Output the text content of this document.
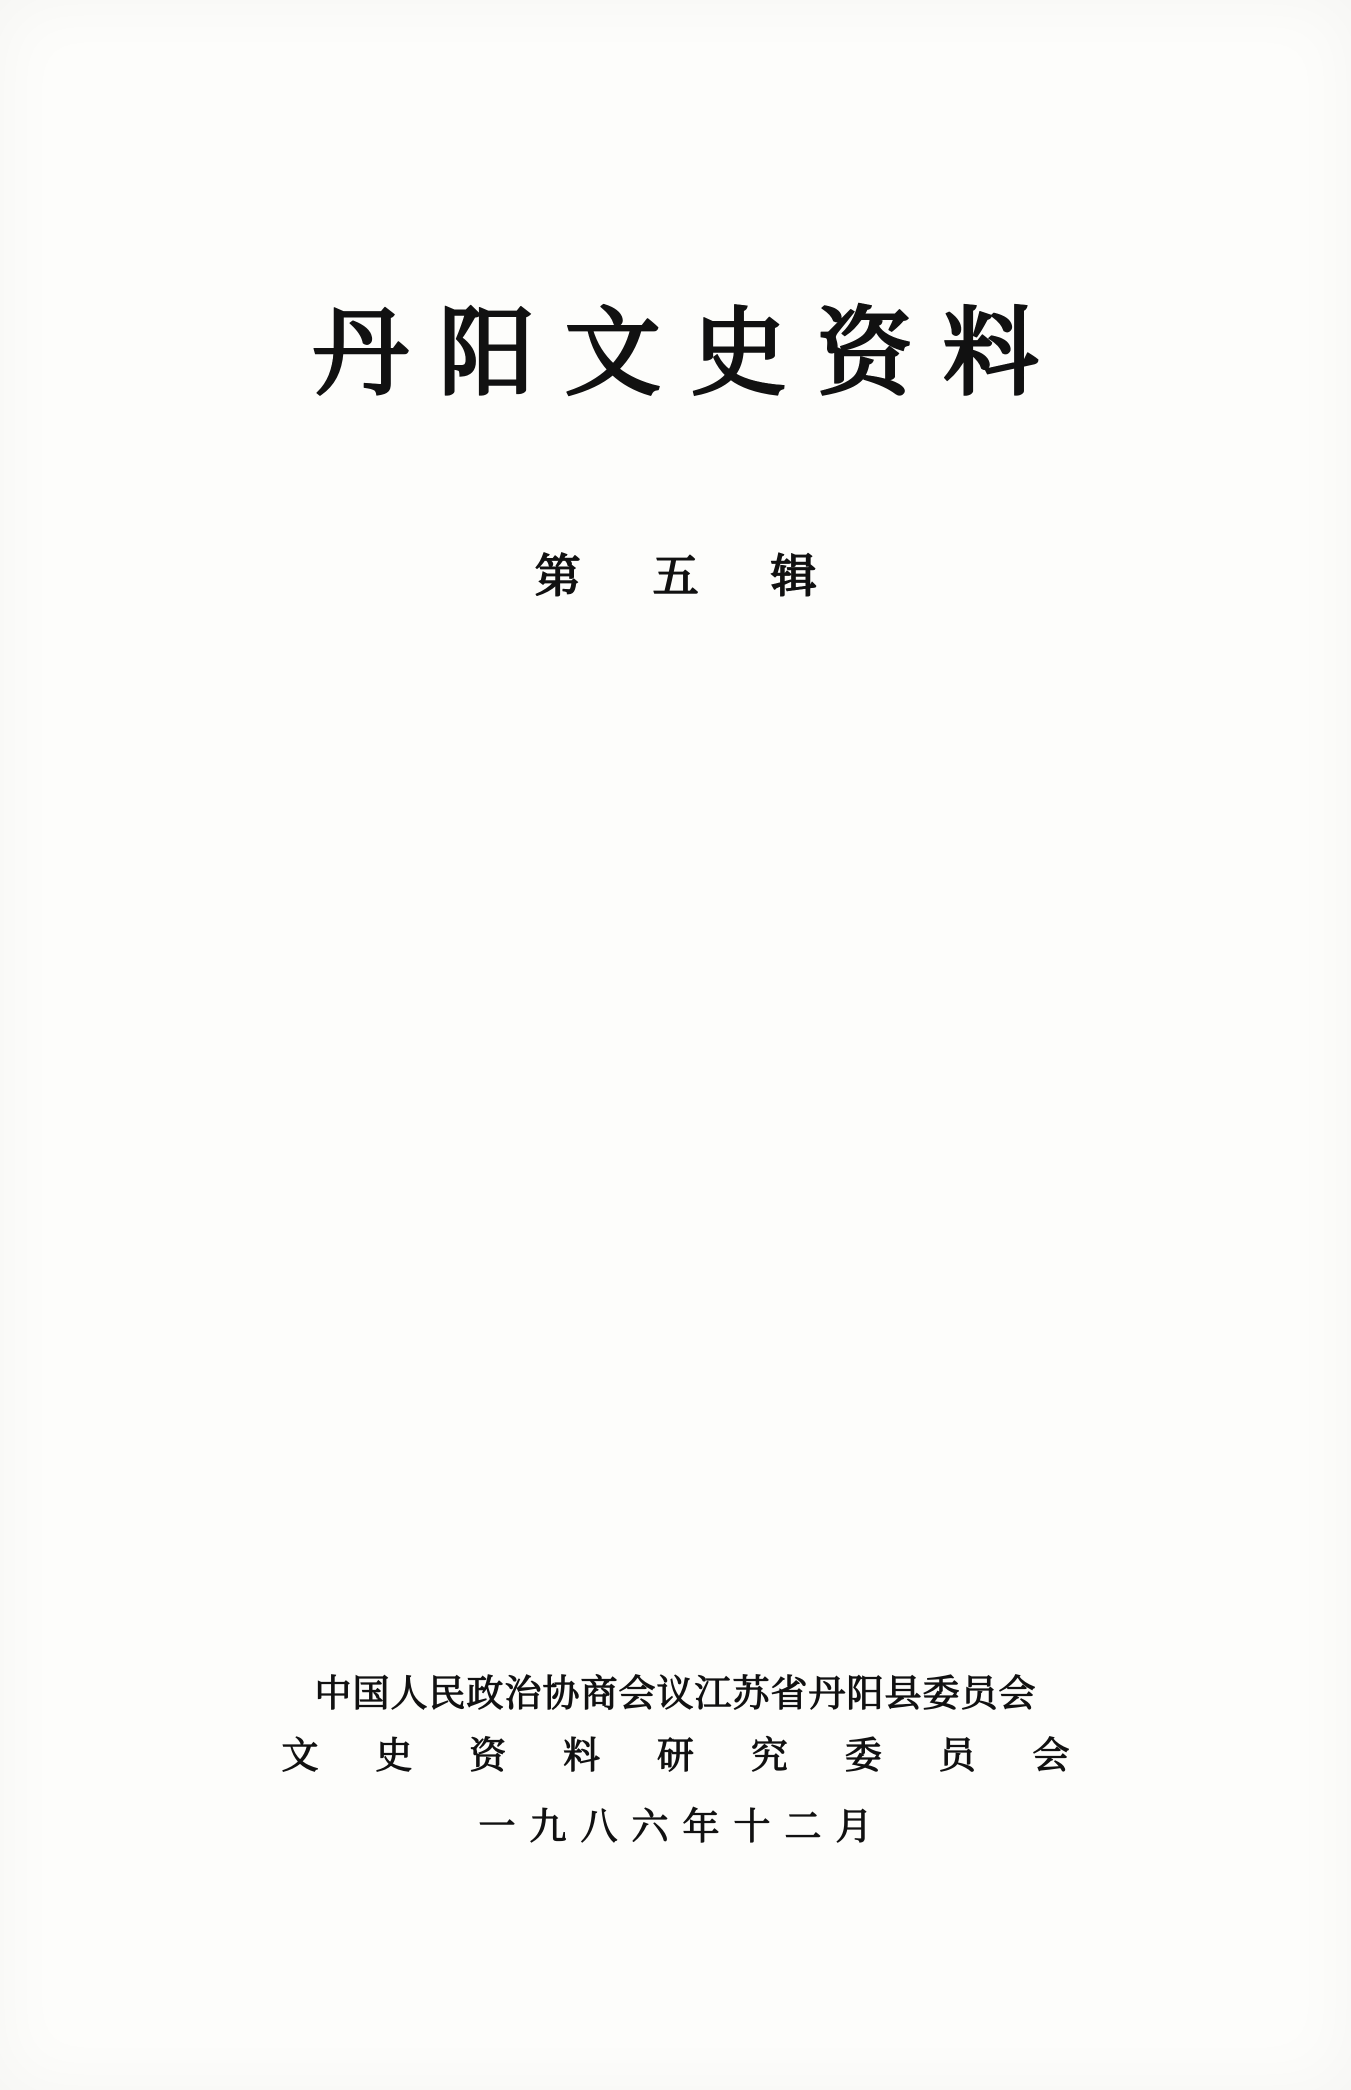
丹阳文史资料
第 五 辑
中国人民政治协商会议江苏省丹阳县委员会
文 史 资 料 研 究 委 员 会
一九八六年十二月
